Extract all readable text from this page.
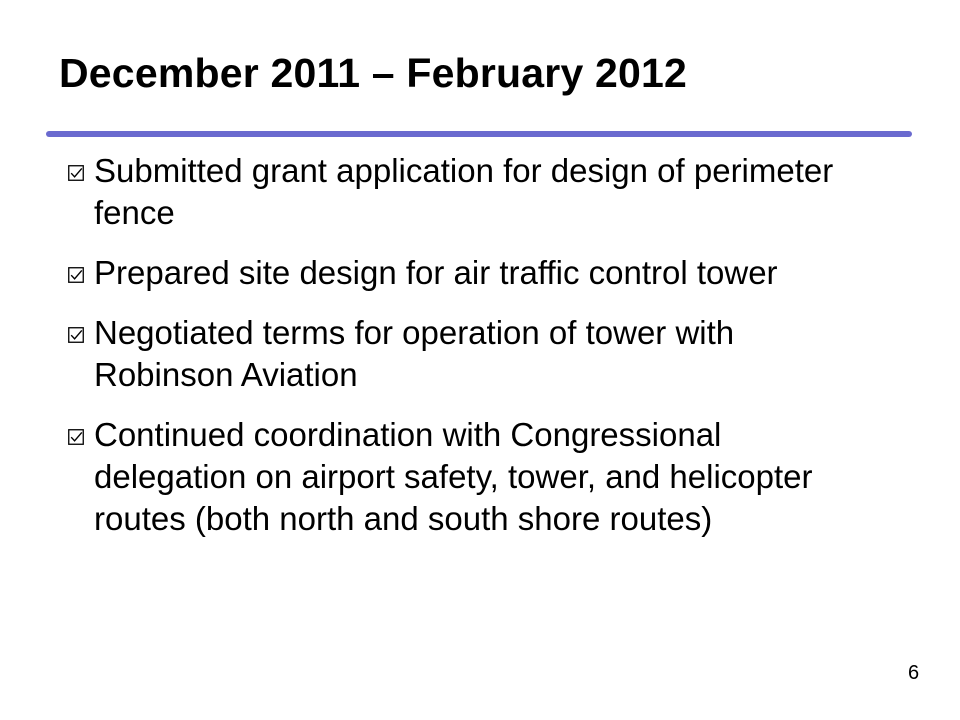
December 2011 – February 2012
Submitted grant application for design of perimeter fence
Prepared site design for air traffic control tower
Negotiated terms for operation of tower with Robinson Aviation
Continued coordination with Congressional delegation on airport safety, tower, and helicopter routes (both north and south shore routes)
6
